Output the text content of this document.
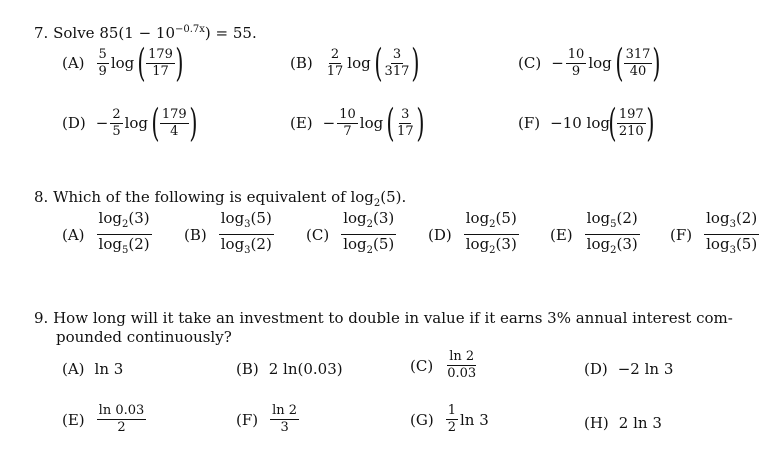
7. Solve $85(1 - 10^{-0.7x}) = 55$.
$(A) \frac{5}{9}$ log ( $\frac{179}{17}$ )	$(B) \frac{2}{17}$ log ( $\frac{3}{317}$ )	$(C) - \frac{10}{9}$ log ( $\frac{317}{40}$ )
$(D) - \frac{2}{5}$ log ( $\frac{179}{4}$ )	$(E) - \frac{10}{7}$ log ( $\frac{3}{17}$ )	(F) −10 log
( $\frac{197}{210}$ )
8. Which of the following is equivalent of $\log_2(5)$.
$(A) \frac{\log_2(3)}{\log_5(2)} (B) \frac{\log_3(5)}{\log_3(2)} (C) \frac{\log_2(3)}{\log_2(5)} (D) \frac{\log_2(5)}{\log_2(3)} (E) \frac{\log_5(2)}{\log_2(3)} (F) \frac{\log_3(2)}{\log_3(5)}$
9. How long will it take an investment to double in value if it earns 3% annual interest com-
pounded continuously?
(A) ln 3	(B) 2 ln(0.03)	$(C) \frac{\ln 2}{0.03}$	(D) −2 ln 3
$(E) \frac{\ln 0.03}{2}$	$(F) \frac{\ln 2}{3}$	$(G) \frac{1}{2}$ ln 3	(H) 2 ln 3
